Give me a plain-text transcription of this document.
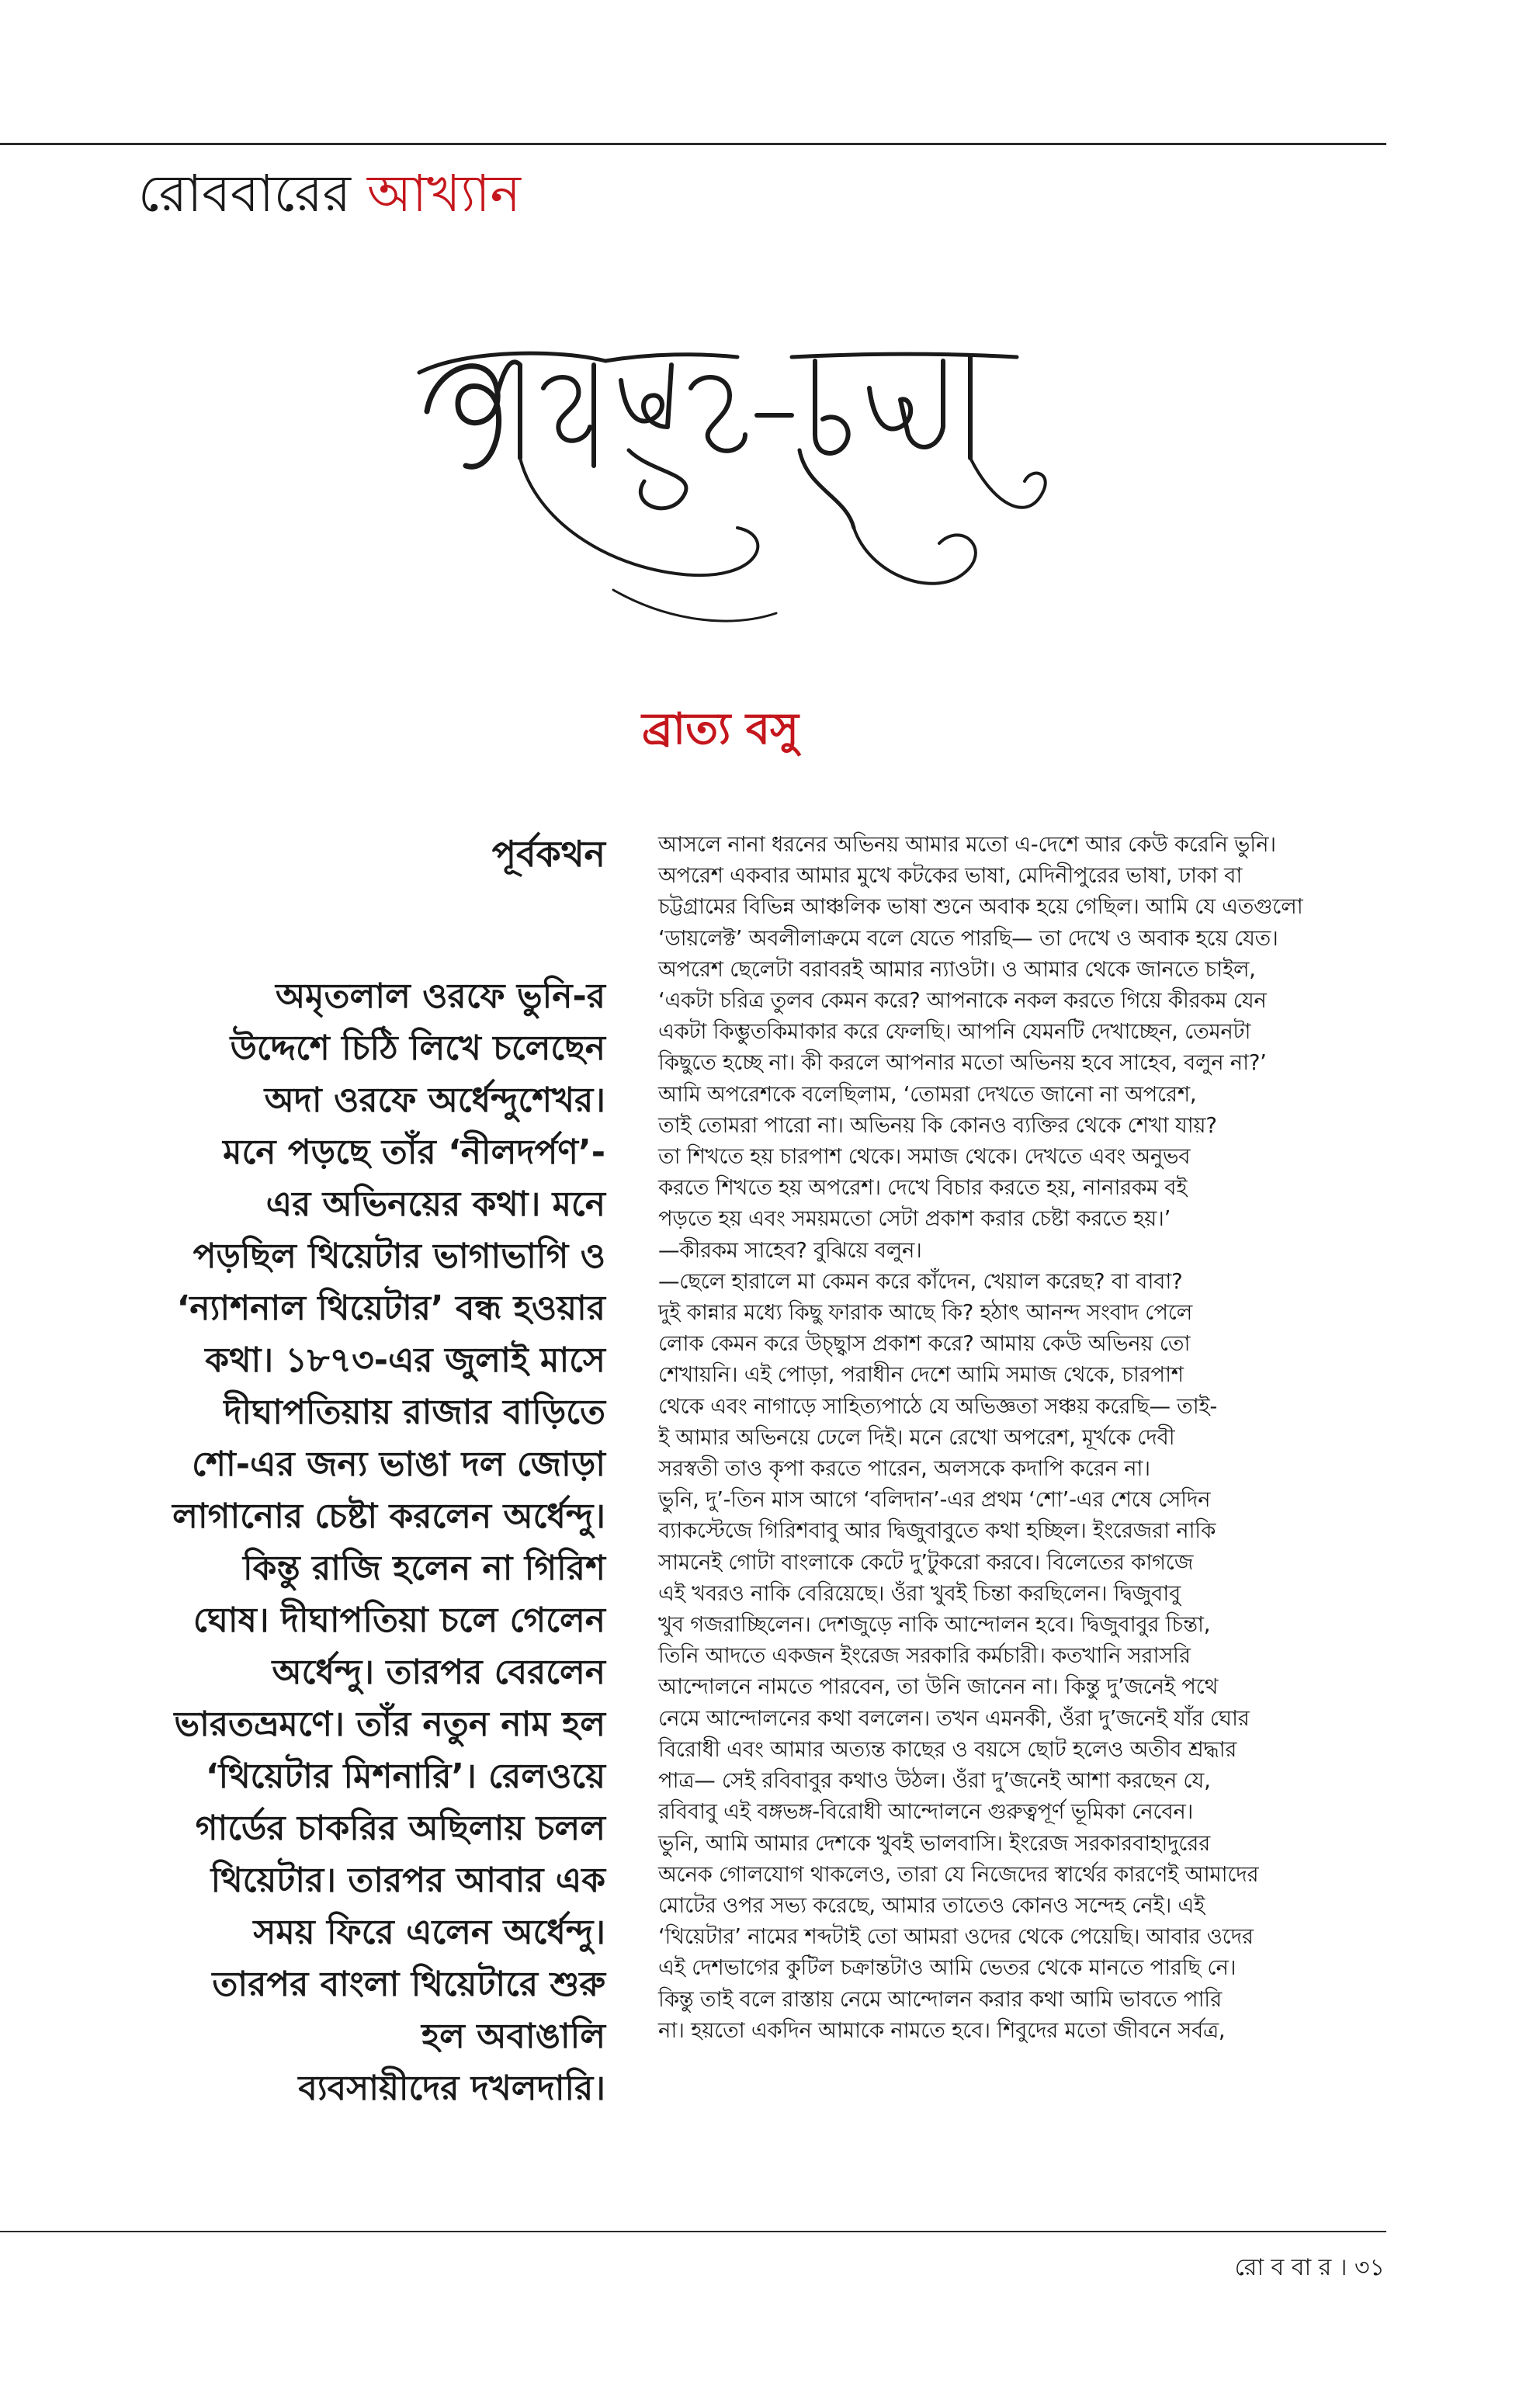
রোববারের আখ্যান
ব্রাত্য বসু
পূর্বকথন
অমৃতলাল ওরফে ভুনি-র
উদ্দেশে চিঠি লিখে চলেছেন
অদা ওরফে অর্ধেন্দুশেখর।
মনে পড়ছে তাঁর ‘নীলদর্পণ’-
এর অভিনয়ের কথা। মনে
পড়ছিল থিয়েটার ভাগাভাগি ও
‘ন্যাশনাল থিয়েটার’ বন্ধ হওয়ার
কথা। ১৮৭৩-এর জুলাই মাসে
দীঘাপতিয়ায় রাজার বাড়িতে
শো-এর জন্য ভাঙা দল জোড়া
লাগানোর চেষ্টা করলেন অর্ধেন্দু।
কিন্তু রাজি হলেন না গিরিশ
ঘোষ। দীঘাপতিয়া চলে গেলেন
অর্ধেন্দু। তারপর বেরলেন
ভারতভ্রমণে। তাঁর নতুন নাম হল
‘থিয়েটার মিশনারি’। রেলওয়ে
গার্ডের চাকরির অছিলায় চলল
থিয়েটার। তারপর আবার এক
সময় ফিরে এলেন অর্ধেন্দু।
তারপর বাংলা থিয়েটারে শুরু
হল অবাঙালি
ব্যবসায়ীদের দখলদারি।
আসলে নানা ধরনের অভিনয় আমার মতো এ-দেশে আর কেউ করেনি ভুনি।
অপরেশ একবার আমার মুখে কটকের ভাষা, মেদিনীপুরের ভাষা, ঢাকা বা
চট্টগ্রামের বিভিন্ন আঞ্চলিক ভাষা শুনে অবাক হয়ে গেছিল। আমি যে এতগুলো
‘ডায়লেক্ট’ অবলীলাক্রমে বলে যেতে পারছি— তা দেখে ও অবাক হয়ে যেত।
অপরেশ ছেলেটা বরাবরই আমার ন্যাওটা। ও আমার থেকে জানতে চাইল,
‘একটা চরিত্র তুলব কেমন করে? আপনাকে নকল করতে গিয়ে কীরকম যেন
একটা কিম্ভুতকিমাকার করে ফেলছি। আপনি যেমনটি দেখাচ্ছেন, তেমনটা
কিছুতে হচ্ছে না। কী করলে আপনার মতো অভিনয় হবে সাহেব, বলুন না?’
আমি অপরেশকে বলেছিলাম, ‘তোমরা দেখতে জানো না অপরেশ,
তাই তোমরা পারো না। অভিনয় কি কোনও ব্যক্তির থেকে শেখা যায়?
তা শিখতে হয় চারপাশ থেকে। সমাজ থেকে। দেখতে এবং অনুভব
করতে শিখতে হয় অপরেশ। দেখে বিচার করতে হয়, নানারকম বই
পড়তে হয় এবং সময়মতো সেটা প্রকাশ করার চেষ্টা করতে হয়।’
—কীরকম সাহেব? বুঝিয়ে বলুন।
—ছেলে হারালে মা কেমন করে কাঁদেন, খেয়াল করেছ? বা বাবা?
দুই কান্নার মধ্যে কিছু ফারাক আছে কি? হঠাৎ আনন্দ সংবাদ পেলে
লোক কেমন করে উচ্ছ্বাস প্রকাশ করে? আমায় কেউ অভিনয় তো
শেখায়নি। এই পোড়া, পরাধীন দেশে আমি সমাজ থেকে, চারপাশ
থেকে এবং নাগাড়ে সাহিত্যপাঠে যে অভিজ্ঞতা সঞ্চয় করেছি— তাই-
ই আমার অভিনয়ে ঢেলে দিই। মনে রেখো অপরেশ, মূর্খকে দেবী
সরস্বতী তাও কৃপা করতে পারেন, অলসকে কদাপি করেন না।
ভুনি, দু’-তিন মাস আগে ‘বলিদান’-এর প্রথম ‘শো’-এর শেষে সেদিন
ব্যাকস্টেজে গিরিশবাবু আর দ্বিজুবাবুতে কথা হচ্ছিল। ইংরেজরা নাকি
সামনেই গোটা বাংলাকে কেটে দু’টুকরো করবে। বিলেতের কাগজে
এই খবরও নাকি বেরিয়েছে। ওঁরা খুবই চিন্তা করছিলেন। দ্বিজুবাবু
খুব গজরাচ্ছিলেন। দেশজুড়ে নাকি আন্দোলন হবে। দ্বিজুবাবুর চিন্তা,
তিনি আদতে একজন ইংরেজ সরকারি কর্মচারী। কতখানি সরাসরি
আন্দোলনে নামতে পারবেন, তা উনি জানেন না। কিন্তু দু’জনেই পথে
নেমে আন্দোলনের কথা বললেন। তখন এমনকী, ওঁরা দু’জনেই যাঁর ঘোর
বিরোধী এবং আমার অত্যন্ত কাছের ও বয়সে ছোট হলেও অতীব শ্রদ্ধার
পাত্র— সেই রবিবাবুর কথাও উঠল। ওঁরা দু’জনেই আশা করছেন যে,
রবিবাবু এই বঙ্গভঙ্গ-বিরোধী আন্দোলনে গুরুত্বপূর্ণ ভূমিকা নেবেন।
ভুনি, আমি আমার দেশকে খুবই ভালবাসি। ইংরেজ সরকারবাহাদুরের
অনেক গোলযোগ থাকলেও, তারা যে নিজেদের স্বার্থের কারণেই আমাদের
মোটের ওপর সভ্য করেছে, আমার তাতেও কোনও সন্দেহ নেই। এই
‘থিয়েটার’ নামের শব্দটাই তো আমরা ওদের থেকে পেয়েছি। আবার ওদের
এই দেশভাগের কুটিল চক্রান্তটাও আমি ভেতর থেকে মানতে পারছি নে।
কিন্তু তাই বলে রাস্তায় নেমে আন্দোলন করার কথা আমি ভাবতে পারি
না। হয়তো একদিন আমাকে নামতে হবে। শিবুদের মতো জীবনে সর্বত্র,
রো ব বা র । ৩১
